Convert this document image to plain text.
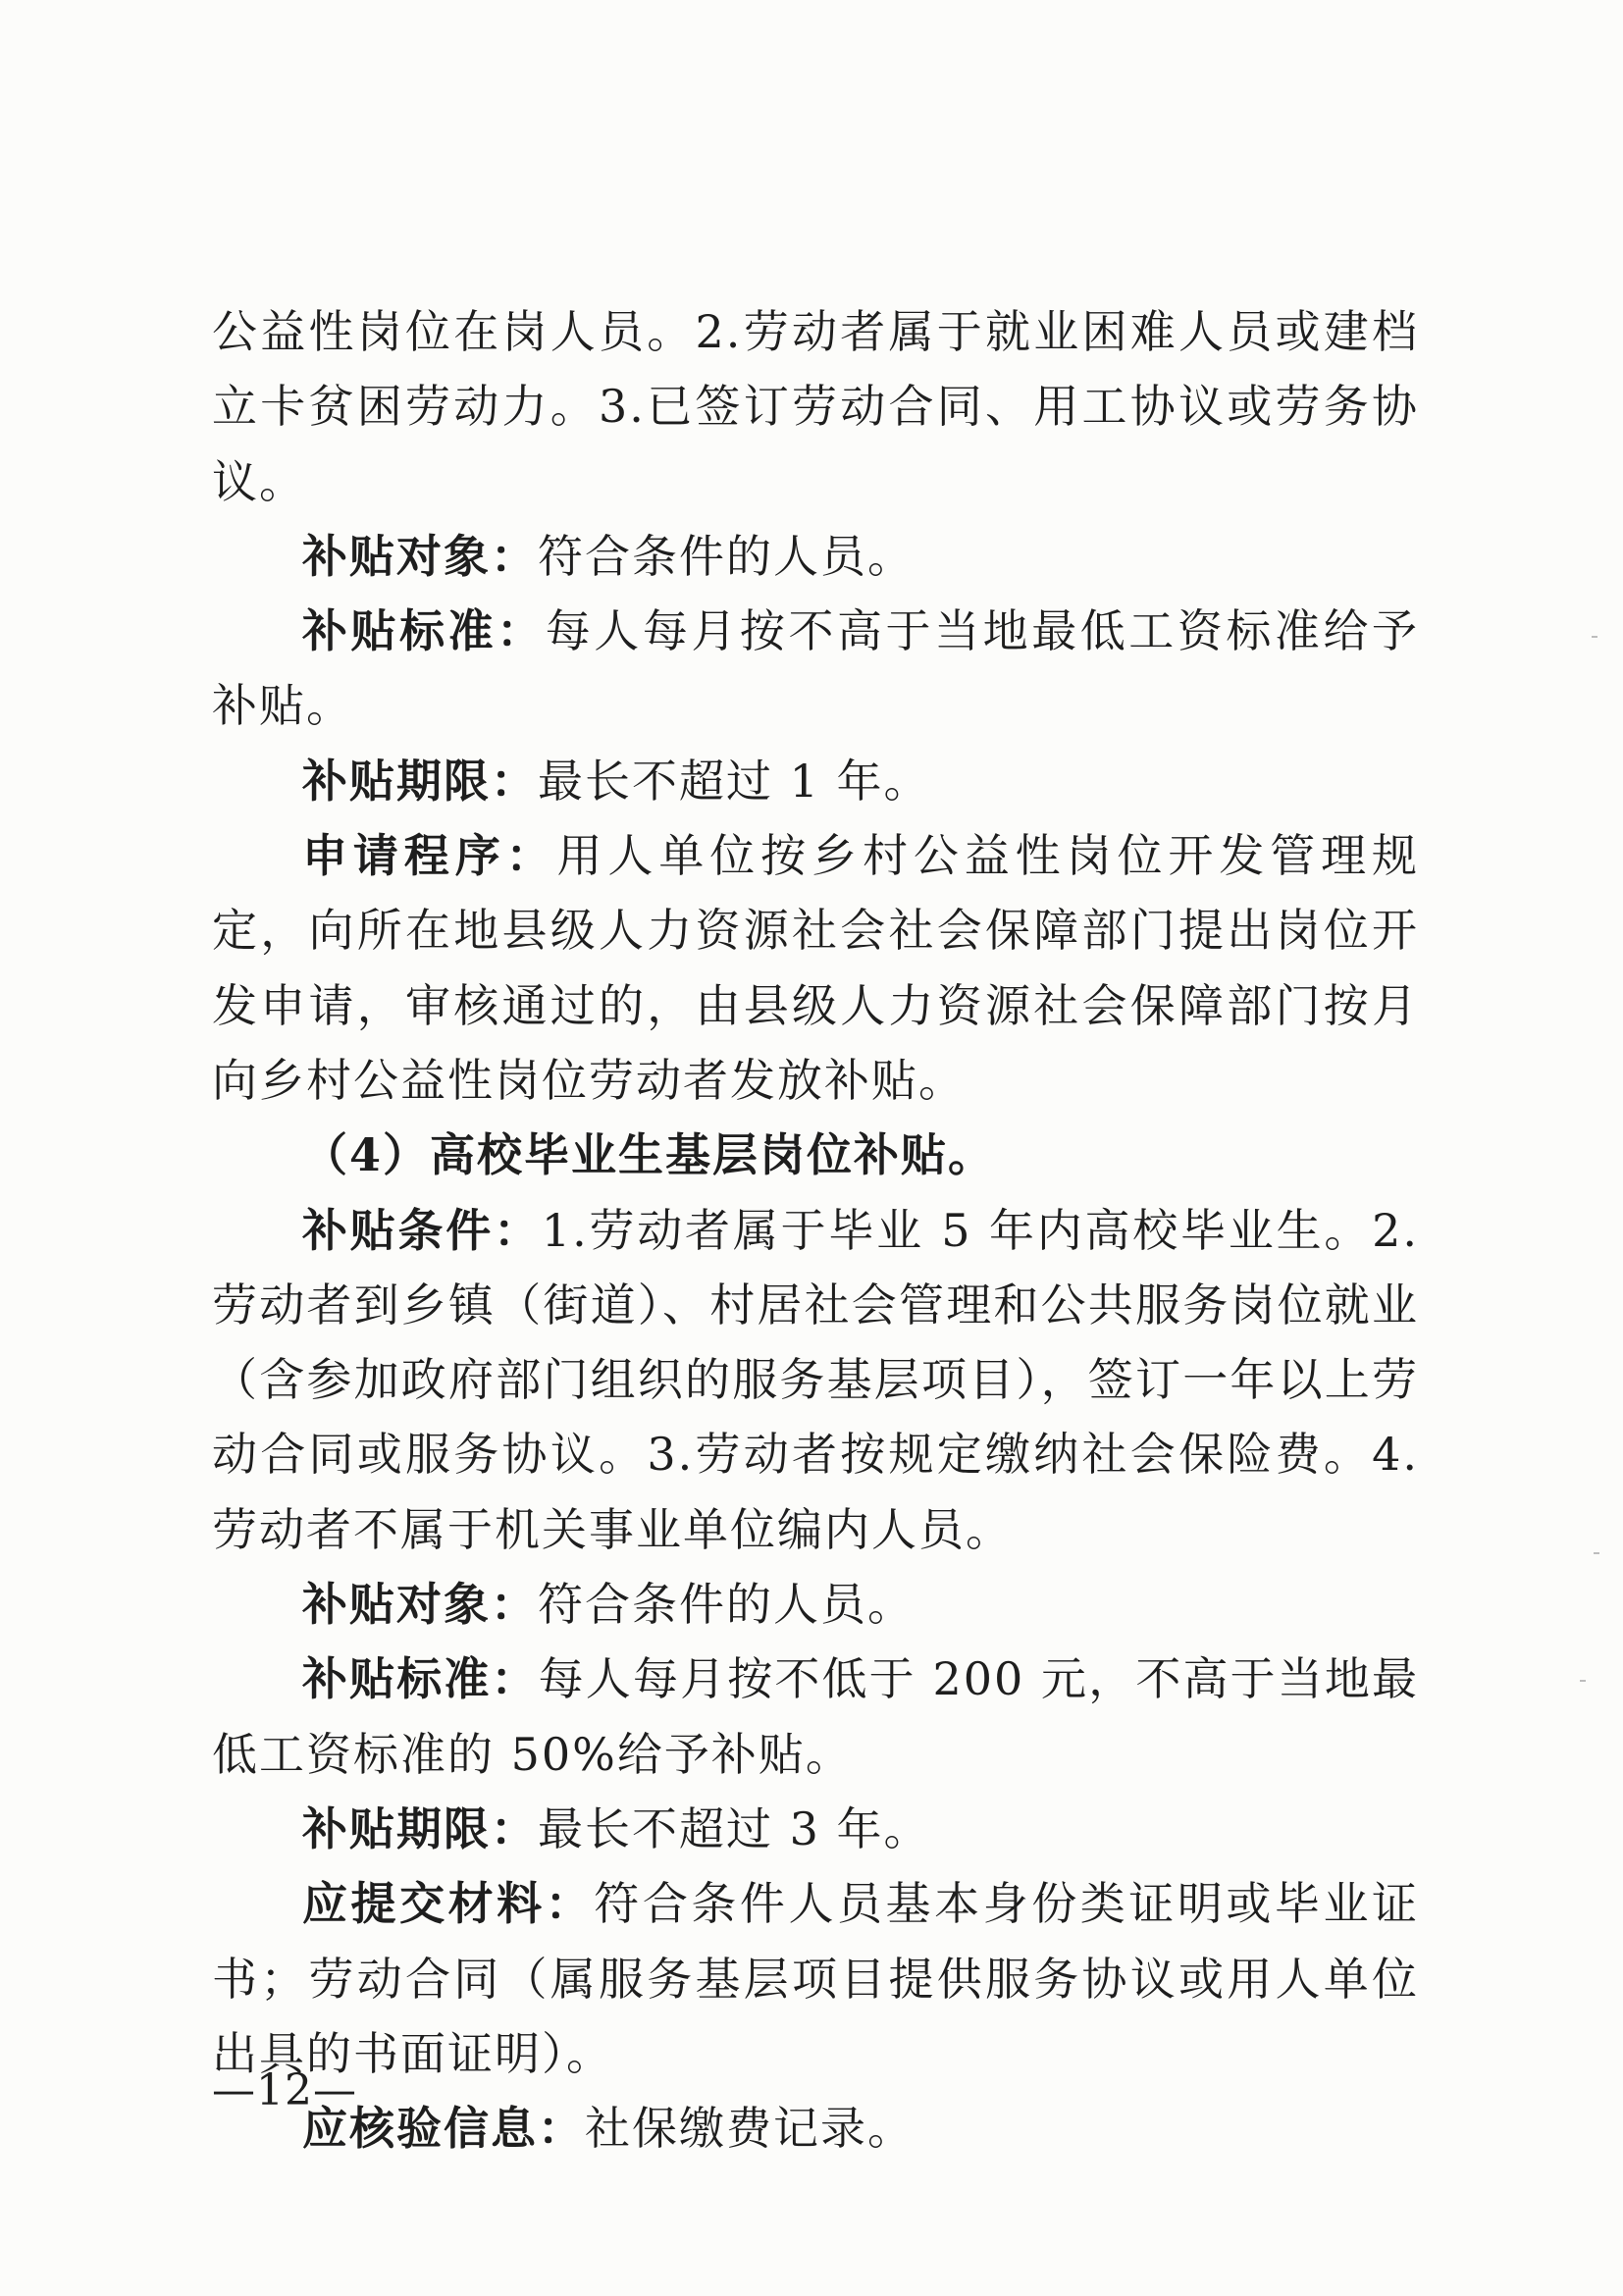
公益性岗位在岗人员。2.劳动者属于就业困难人员或建档立卡贫困劳动力。3.已签订劳动合同、用工协议或劳务协议。

补贴对象：符合条件的人员。

补贴标准：每人每月按不高于当地最低工资标准给予补贴。

补贴期限：最长不超过 1 年。

申请程序：用人单位按乡村公益性岗位开发管理规定，向所在地县级人力资源社会社会保障部门提出岗位开发申请，审核通过的，由县级人力资源社会保障部门按月向乡村公益性岗位劳动者发放补贴。

（4）高校毕业生基层岗位补贴。

补贴条件：1.劳动者属于毕业 5 年内高校毕业生。2.劳动者到乡镇（街道）、村居社会管理和公共服务岗位就业（含参加政府部门组织的服务基层项目），签订一年以上劳动合同或服务协议。3.劳动者按规定缴纳社会保险费。4. 劳动者不属于机关事业单位编内人员。

补贴对象：符合条件的人员。

补贴标准：每人每月按不低于 200 元，不高于当地最低工资标准的 50%给予补贴。

补贴期限：最长不超过 3 年。

应提交材料：符合条件人员基本身份类证明或毕业证书；劳动合同（属服务基层项目提供服务协议或用人单位出具的书面证明）。

应核验信息：社保缴费记录。

—12—
